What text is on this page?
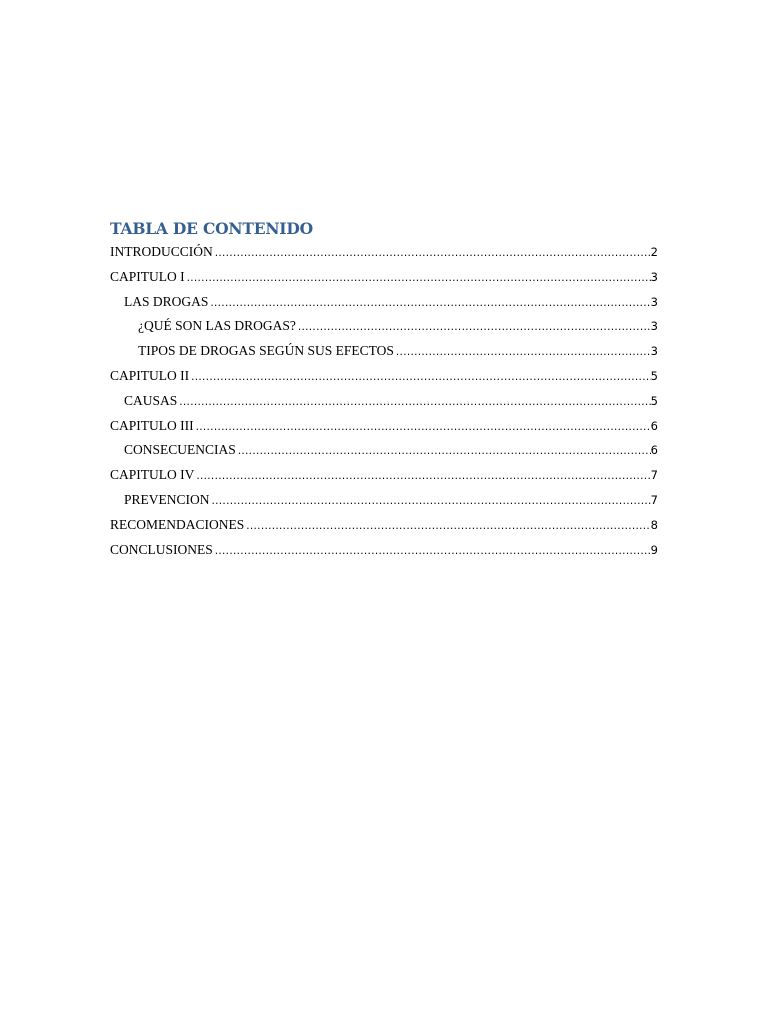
TABLA DE CONTENIDO
INTRODUCCIÓN .....	2
CAPITULO I .....	3
LAS DROGAS .....	3
¿QUÉ SON LAS DROGAS? .....	3
TIPOS DE DROGAS SEGÚN SUS EFECTOS .....	3
CAPITULO II .....	5
CAUSAS .....	5
CAPITULO III .....	6
CONSECUENCIAS .....	6
CAPITULO IV .....	7
PREVENCION .....	7
RECOMENDACIONES .....	8
CONCLUSIONES .....	9
